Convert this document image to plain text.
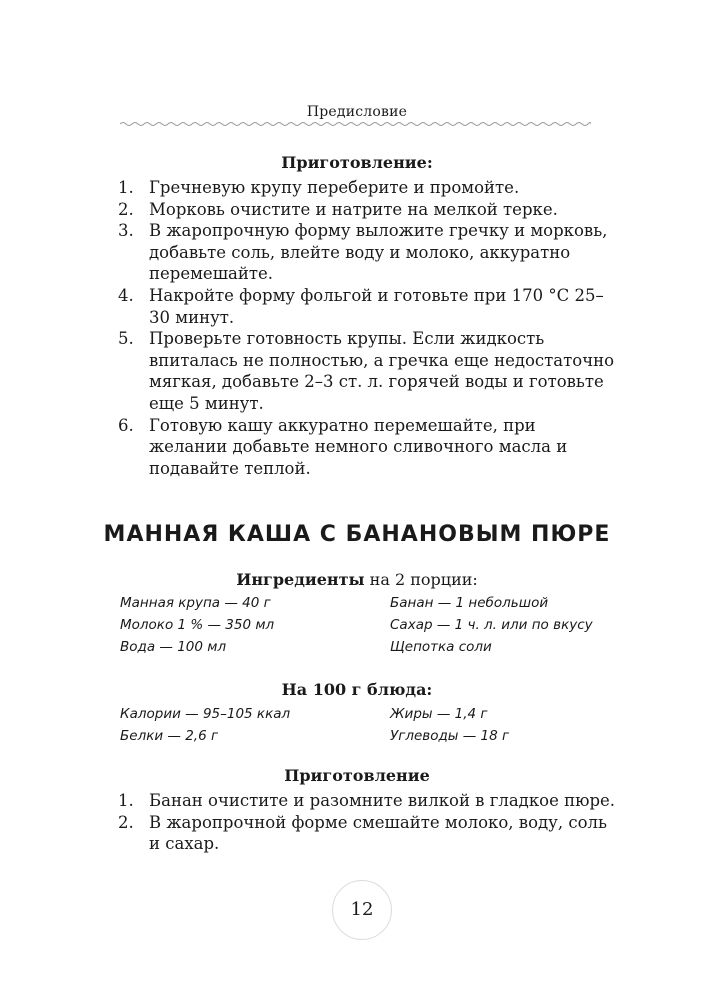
Предисловие
Приготовление:
1. Гречневую крупу переберите и промойте.
2. Морковь очистите и натрите на мелкой терке.
3. В жаропрочную форму выложите гречку и морковь, добавьте соль, влейте воду и молоко, аккуратно перемешайте.
4. Накройте форму фольгой и готовьте при 170 °С 25–30 минут.
5. Проверьте готовность крупы. Если жидкость впиталась не полностью, а гречка еще недостаточно мягкая, добавьте 2–3 ст. л. горячей воды и готовьте еще 5 минут.
6. Готовую кашу аккуратно перемешайте, при желании добавьте немного сливочного масла и подавайте теплой.
МАННАЯ КАША С БАНАНОВЫМ ПЮРЕ
Ингредиенты на 2 порции:
Манная крупа — 40 г	Банан — 1 небольшой
Молоко 1 % — 350 мл	Сахар — 1 ч. л. или по вкусу
Вода — 100 мл	Щепотка соли
На 100 г блюда:
Калории — 95–105 ккал	Жиры — 1,4 г
Белки — 2,6 г	Углеводы — 18 г
Приготовление
1. Банан очистите и разомните вилкой в гладкое пюре.
2. В жаропрочной форме смешайте молоко, воду, соль и сахар.
12
